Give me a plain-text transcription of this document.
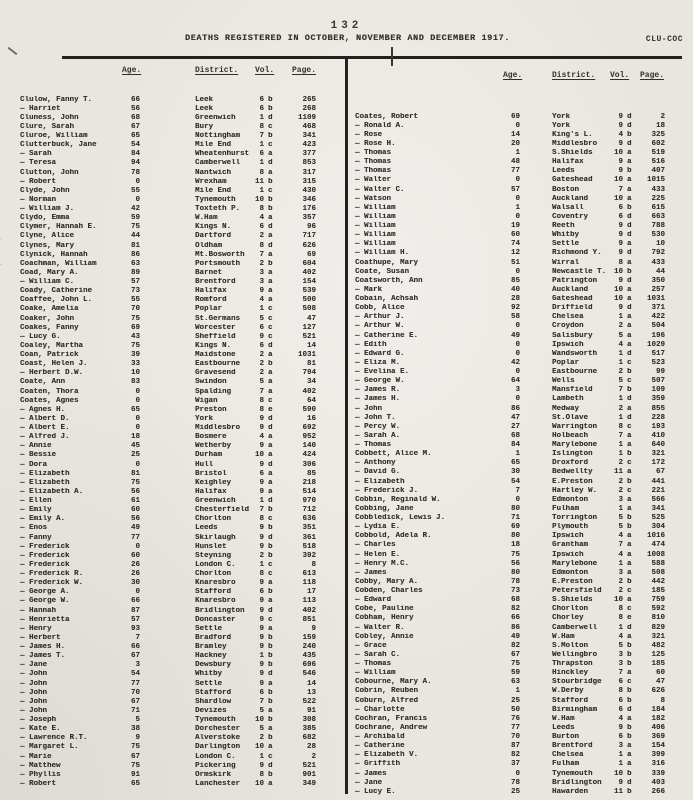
132
DEATHS REGISTERED IN OCTOBER, NOVEMBER AND DECEMBER 1917.	CLU-COC
Age.	District. Vol. Page.
Clulow, Fanny T.	66	Leek	6 b	265
— Harriet	56	Leek	6 b	268
Cluness, John	68	Greenwich	1 d	1109
Clure, Sarah	67	Bury	8 c	468
Cluroe, William	65	Nottingham	7 b	341
Clutterbuck, Jane	54	Mile End	1 c	423
— Sarah	84	Wheatenhurst	6 a	377
— Teresa	94	Camberwell	1 d	853
Clutton, John	78	Nantwich	8 a	317
— Robert	0	Wrexham	11 b	315
Clyde, John	55	Mile End	1 c	430
— Norman	0	Tynemouth	10 b	346
— William J.	42	Toxteth P.	8 b	176
Clydo, Emma	59	W.Ham	4 a	357
Clymer, Hannah E.	75	Kings N.	6 d	96
Clyne, Alice	44	Dartford	2 a	717
Clynes, Mary	81	Oldham	8 d	626
Clynick, Hannah	86	Mt.Bosworth	7 a	69
Coachman, William	63	Portsmouth	2 b	604
Coad, Mary A.	89	Barnet	3 a	402
— William C.	57	Brentford	3 a	154
Coady, Catherine	73	Halifax	9 a	539
Coaffee, John L.	55	Romford	4 a	500
Coake, Amelia	70	Poplar	1 c	508
Coaker, John	75	St.Germans	5 c	47
Coakes, Fanny	69	Worcester	6 c	127
— Lucy G.	43	Sheffield	9 c	521
Coaley, Martha	75	Kings N.	6 d	14
Coan, Patrick	39	Maidstone	2 a	1031
Coast, Helen J.	33	Eastbourne	2 b	81
— Herbert D.W.	10	Gravesend	2 a	794
Coate, Ann	83	Swindon	5 a	34
Coaten, Thora	0	Spalding	7 a	402
Coates, Agnes	0	Wigan	8 c	64
— Agnes H.	65	Preston	8 e	590
— Albert D.	0	York	9 d	16
— Albert E.	0	Middlesbro	9 d	692
— Alfred J.	18	Bosmere	4 a	952
— Annie	45	Wetherby	9 a	140
— Bessie	25	Durham	10 a	424
— Dora	0	Hull	9 d	306
— Elizabeth	81	Bristol	6 a	85
— Elizabeth	75	Keighley	9 a	218
— Elizabeth A.	56	Halifax	9 a	514
— Ellen	61	Greenwich	1 d	970
— Emily	60	Chesterfield	7 b	712
— Emily A.	56	Chorlton	8 c	636
— Enos	49	Leeds	9 b	351
— Fanny	77	Skirlaugh	9 d	361
— Frederick	0	Hunslet	9 b	518
— Frederick	60	Steyning	2 b	392
— Frederick	26	London C.	1 c	8
— Frederick R.	26	Chorlton	8 c	613
— Frederick W.	30	Knaresbro	9 a	118
— George A.	0	Stafford	6 b	17
— George W.	66	Knaresbro	9 a	113
— Hannah	87	Bridlington	9 d	402
— Henrietta	57	Doncaster	9 c	851
— Henry	93	Settle	9 a	9
— Herbert	7	Bradford	9 b	159
— James H.	66	Bramley	9 b	240
— James T.	67	Hackney	1 b	435
— Jane	3	Dewsbury	9 b	696
— John	54	Whitby	9 d	546
— John	77	Settle	9 a	14
— John	70	Stafford	6 b	13
— John	67	Shardlow	7 b	522
— John	71	Devizes	5 a	91
— Joseph	5	Tynemouth	10 b	308
— Kate E.	38	Dorchester	5 a	385
— Lawrence R.T.	9	Alverstoke	2 b	682
— Margaret L.	75	Darlington	10 a	28
— Marie	67	London C.	1 c	2
— Matthew	75	Pickering	9 d	521
— Phyllis	91	Ormskirk	8 b	901
— Robert	65	Lanchester	10 a	349
Age.	District. Vol. Page.
Coates, Robert	69	York	9 d	2
— Ronald A.	0	York	9 d	18
— Rose	14	King's L.	4 b	325
— Rose H.	20	Middlesbro	9 d	602
— Thomas	1	S.Shields	10 a	519
— Thomas	48	Halifax	9 a	516
— Thomas	77	Leeds	9 b	407
— Walter	0	Gateshead	10 a	1015
— Walter C.	57	Boston	7 a	433
— Watson	0	Auckland	10 a	225
— William	1	Walsall	6 b	615
— William	0	Coventry	6 d	663
— William	19	Reeth	9 d	788
— William	60	Whitby	9 d	530
— William	74	Settle	9 a	10
— William H.	12	Richmond Y.	9 d	792
Coathupe, Mary	51	Wirral	8 a	433
Coate, Susan	0	Newcastle T.	10 b	44
Coatsworth, Ann	85	Patrington	9 d	350
— Mark	40	Auckland	10 a	257
Cobain, Achsah	28	Gateshead	10 a	1031
Cobb, Alice	92	Driffield	9 d	371
— Arthur J.	58	Chelsea	1 a	422
— Arthur W.	0	Croydon	2 a	504
— Catherine E.	49	Salisbury	5 a	196
— Edith	0	Ipswich	4 a	1029
— Edward G.	0	Wandsworth	1 d	517
— Eliza M.	42	Poplar	1 c	523
— Evelina E.	0	Eastbourne	2 b	99
— George W.	64	Wells	5 c	507
— James R.	3	Mansfield	7 b	109
— James H.	0	Lambeth	1 d	359
— John	86	Medway	2 a	855
— John T.	47	St.Olave	1 d	228
— Percy W.	27	Warrington	8 c	193
— Sarah A.	68	Holbeach	7 a	410
— Thomas	84	Marylebone	1 a	640
Cobbett, Alice M.	1	Islington	1 b	321
— Anthony	65	Droxford	2 c	172
— David G.	30	Bedwellty	11 a	67
— Elizabeth	54	E.Preston	2 b	441
— Frederick J.	7	Hartley W.	2 c	221
Cobbin, Reginald W.	0	Edmonton	3 a	566
Cobbing, Jane	80	Fulham	1 a	341
Cobbledick, Lewis J.	71	Torrington	5 b	525
— Lydia E.	69	Plymouth	5 b	304
Cobbold, Adela R.	80	Ipswich	4 a	1016
— Charles	18	Grantham	7 a	474
— Helen E.	75	Ipswich	4 a	1008
— Henry M.C.	56	Marylebone	1 a	588
— James	80	Edmonton	3 a	508
Cobby, Mary A.	78	E.Preston	2 b	442
Cobden, Charles	73	Petersfield	2 c	185
— Edward	68	S.Shields	10 a	759
Cobe, Pauline	82	Chorlton	8 c	592
Cobham, Henry	66	Chorley	8 e	810
— Walter R.	86	Camberwell	1 d	829
Cobley, Annie	49	W.Ham	4 a	321
— Grace	82	S.Molton	5 b	482
— Sarah C.	67	Wellingbro	3 b	125
— Thomas	75	Thrapston	3 b	185
— William	59	Hinckley	7 a	60
Cobourne, Mary A.	63	Stourbridge	6 c	47
Cobrin, Reuben	1	W.Derby	8 b	626
Coburn, Alfred	25	Stafford	6 b	8
— Charlotte	50	Birmingham	6 d	184
Cochran, Francis	76	W.Ham	4 a	182
Cochrane, Andrew	77	Leeds	9 b	406
— Archibald	70	Burton	6 b	369
— Catherine	87	Brentford	3 a	154
— Elizabeth V.	82	Chelsea	1 a	399
— Griffith	37	Fulham	1 a	316
— James	0	Tynemouth	10 b	339
— Jane	78	Bridlington	9 d	403
— Lucy E.	25	Hawarden	11 b	266
